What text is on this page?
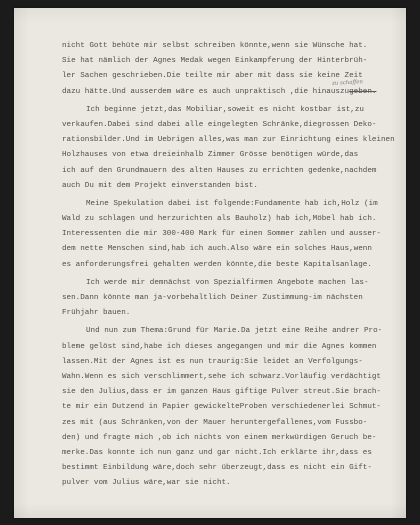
zu schaffen
nicht Gott behüte mir selbst schreiben könnte,wenn sie Wünsche hat.
Sie hat nämlich der Agnes Medak wegen Einkampferung der Hinterbrüh-
ler Sachen geschrieben.Die teilte mir aber mit dass sie keine Zeit
dazu hätte.Und ausserdem wäre es auch unpraktisch ,die hinauszugeben.
Ich beginne jetzt,das Mobiliar,soweit es nicht kostbar ist,zu
verkaufen.Dabei sind dabei alle eingelegten Schränke,diegrossen Deko-
rationsbilder.Und im Uebrigen alles,was man zur Einrichtung eines kleinen
Holzhauses von etwa dreieinhalb Zimmer Grösse benötigen würde,das
ich auf den Grundmauern des alten Hauses zu errichten gedenke,nachdem
auch Du mit dem Projekt einverstanden bist.
Meine Spekulation dabei ist folgende:Fundamente hab ich,Holz (im
Wald zu schlagen und herzurichten als Bauholz) hab ich,Möbel hab ich.
Interessenten die mir 300-400 Mark für einen Sommer zahlen und ausser-
dem nette Menschen sind,hab ich auch.Also wäre ein solches Haus,wenn
es anforderungsfrei gehalten werden könnte,die beste Kapitalsanlage.
Ich werde mir demnächst von Spezialfirmen Angebote machen las-
sen.Dann könnte man ja-vorbehaltlich Deiner Zustimmung-im nächsten
Frühjahr bauen.
Und nun zum Thema:Grund für Marie.Da jetzt eine Reihe andrer Pro-
bleme gelöst sind,habe ich dieses angegangen und mir die Agnes kommen
lassen.Mit der Agnes ist es nun traurig:Sie leidet an Verfolgungs-
Wahn.Wenn es sich verschlimmert,sehe ich schwarz.Vorläufig verdächtigt
sie den Julius,dass er im ganzen Haus giftige Pulver streut.Sie brach-
te mir ein Dutzend in Papier gewickelteProben verschiedenerlei Schmut-
zes mit (aus Schränken,von der Mauer heruntergefallenes,vom Fussbo-
den) und fragte mich ,ob ich nichts von einem merkwürdigen Geruch be-
merke.Das konnte ich nun ganz und gar nicht.Ich erklärte ihr,dass es
bestimmt Einbildung wäre,doch sehr überzeugt,dass es nicht ein Gift-
pulver vom Julius wäre,war sie nicht.
